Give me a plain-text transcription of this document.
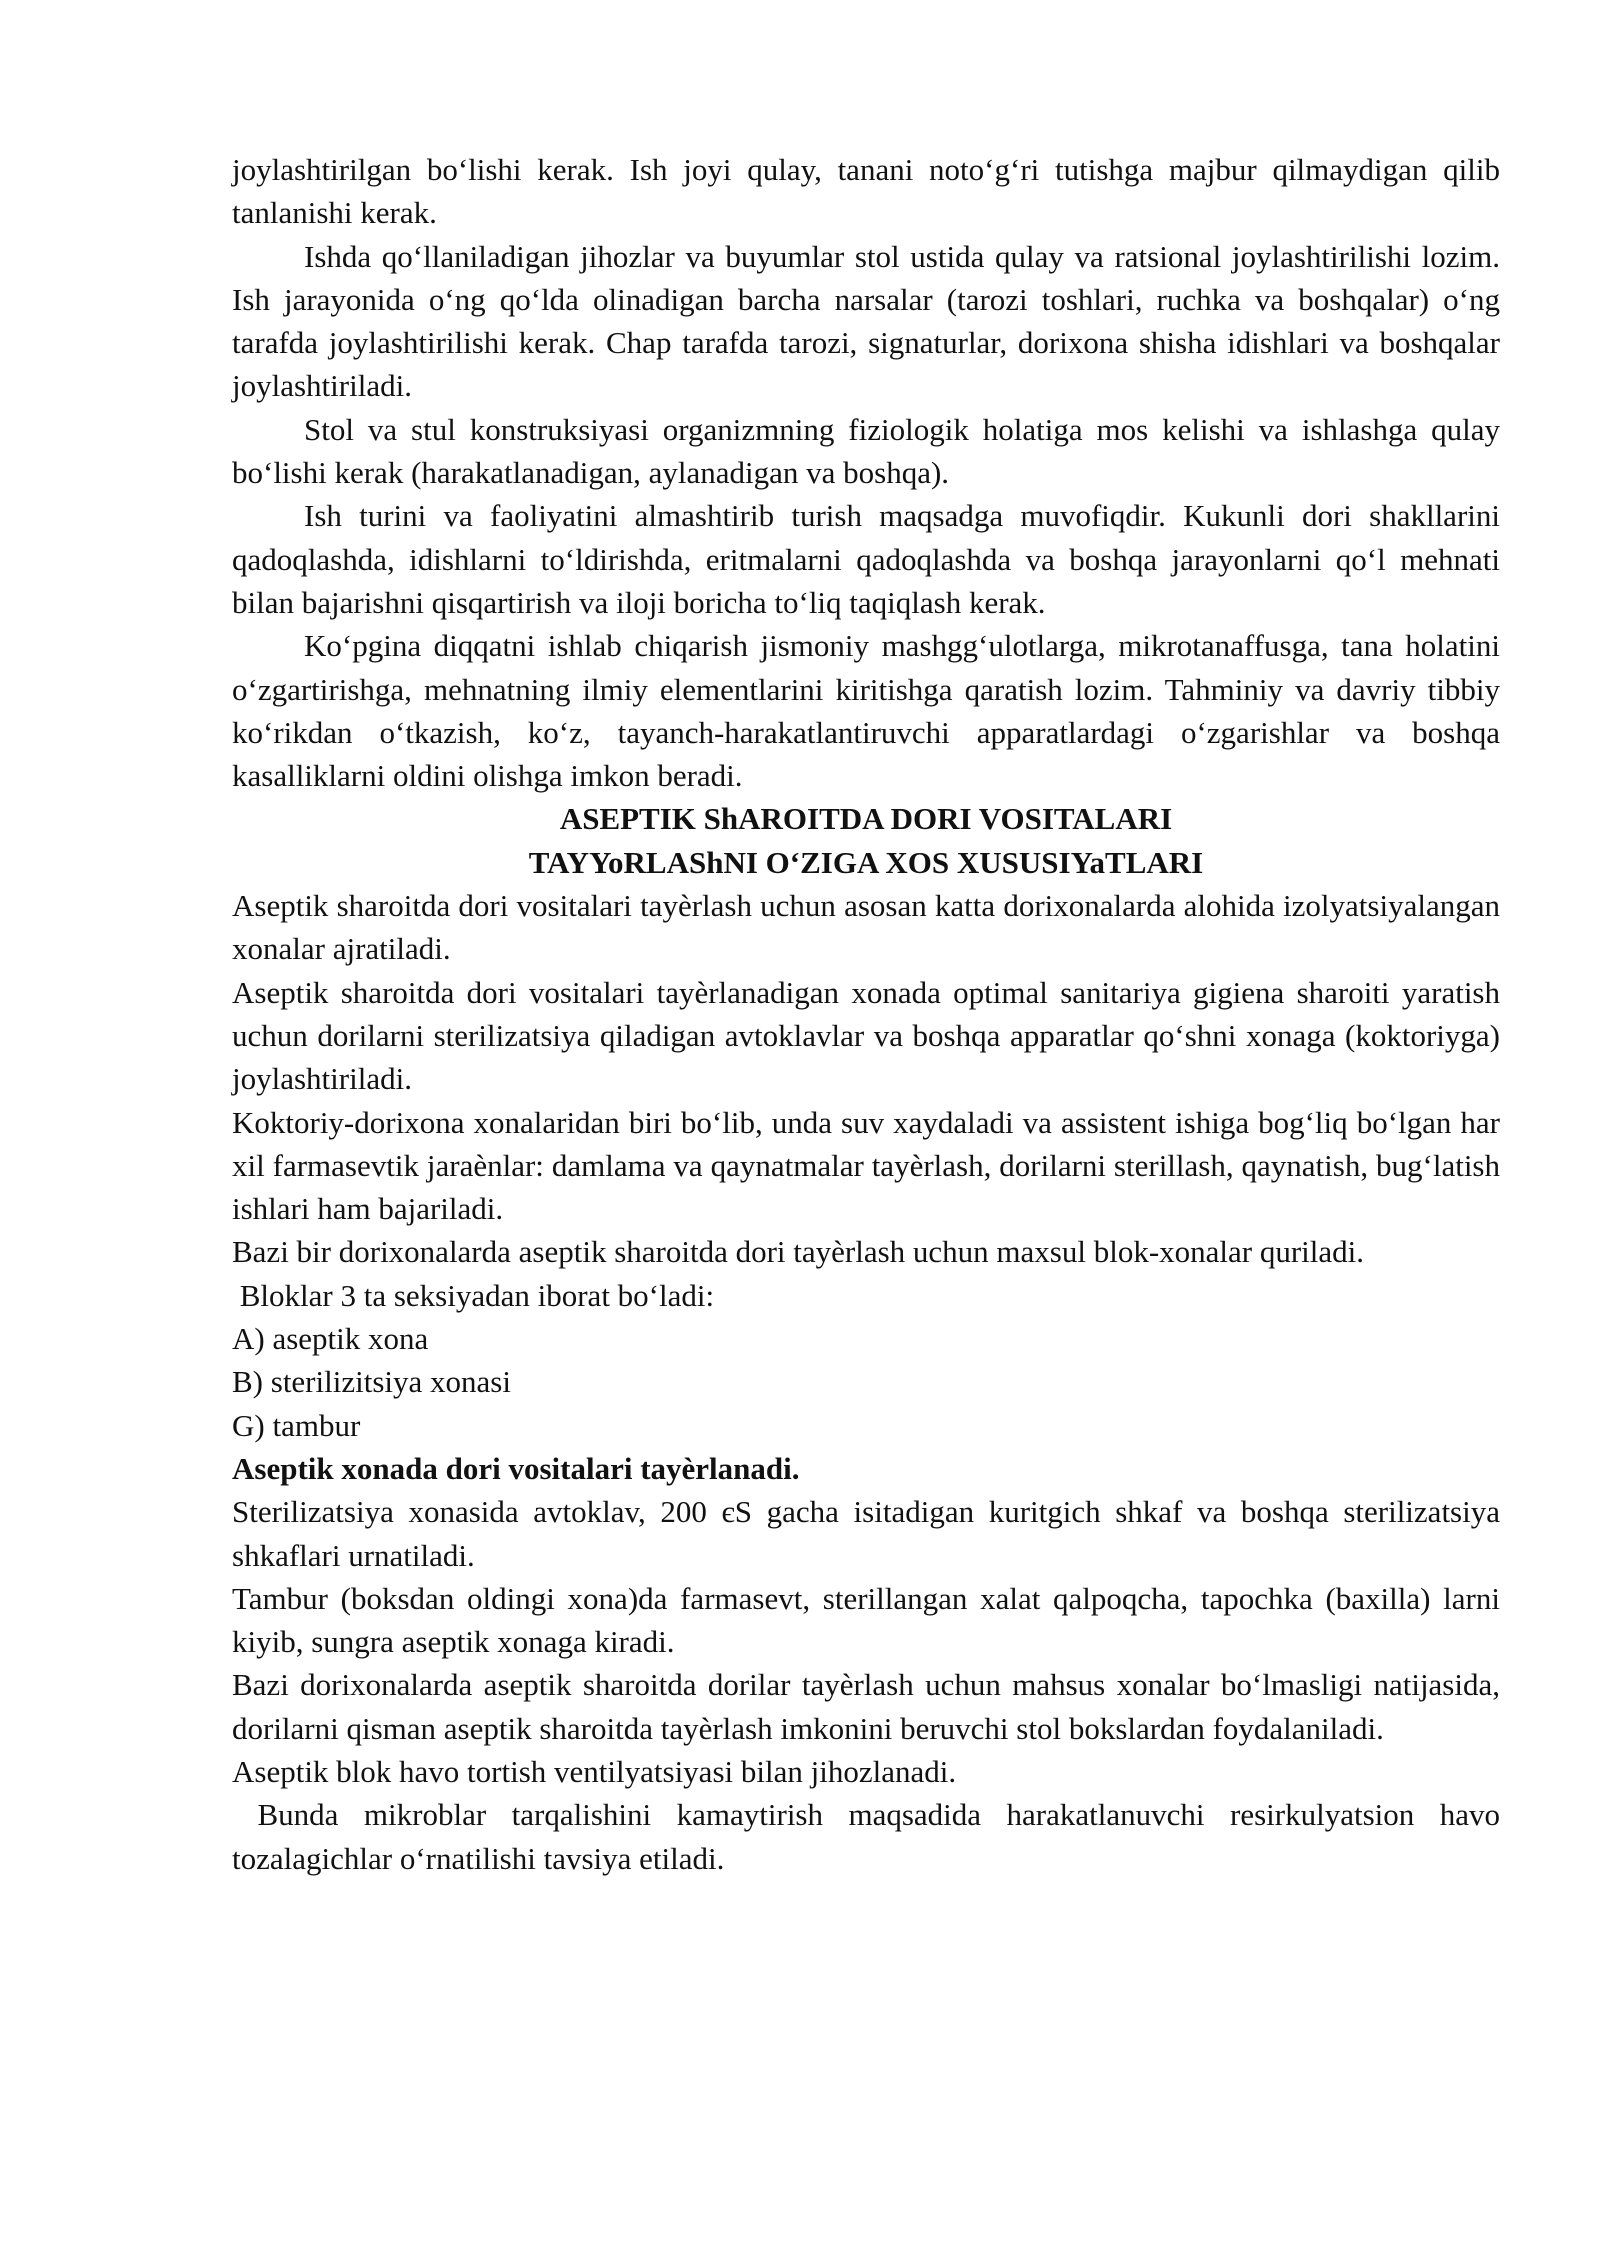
joylashtirilgan bo‘lishi kerak. Ish joyi qulay, tanani noto‘g‘ri tutishga majbur qilmaydigan qilib tanlanishi kerak.

Ishda qo‘llaniladigan jihozlar va buyumlar stol ustida qulay va ratsional joylashtirilishi lozim. Ish jarayonida o‘ng qo‘lda olinadigan barcha narsalar (tarozi toshlari, ruchka va boshqalar) o‘ng tarafda joylashtirilishi kerak. Chap tarafda tarozi, signaturlar, dorixona shisha idishlari va boshqalar joylashtiriladi.

Stol va stul konstruksiyasi organizmning fiziologik holatiga mos kelishi va ishlashga qulay bo‘lishi kerak (harakatlanadigan, aylanadigan va boshqa).

Ish turini va faoliyatini almashtirib turish maqsadga muvofiqdir. Kukunli dori shakllarini qadoqlashda, idishlarni to‘ldirishda, eritmalarni qadoqlashda va boshqa jarayonlarni qo‘l mehnati bilan bajarishni qisqartirish va iloji boricha to‘liq taqiqlash kerak.

Ko‘pgina diqqatni ishlab chiqarish jismoniy mashgg‘ulotlarga, mikrotanaffusga, tana holatini o‘zgartirishga, mehnatning ilmiy elementlarini kiritishga qaratish lozim. Tahminiy va davriy tibbiy ko‘rikdan o‘tkazish, ko‘z, tayanch-harakatlantiruvchi apparatlardagi o‘zgarishlar va boshqa kasalliklarni oldini olishga imkon beradi.

ASEPTIK ShAROITDA DORI VOSITALARI

TAYYoRLAShNI O‘ZIGA XOS XUSUSIYaTLARI

Aseptik sharoitda dori vositalari tayèrlash uchun asosan katta dorixonalarda alohida izolyatsiyalangan xonalar ajratiladi.

Aseptik sharoitda dori vositalari tayèrlanadigan xonada optimal sanitariya gigiena sharoiti yaratish uchun dorilarni sterilizatsiya qiladigan avtoklavlar va boshqa apparatlar qo‘shni xonaga (koktoriyga) joylashtiriladi.

Koktoriy-dorixona xonalaridan biri bo‘lib, unda suv xaydaladi va assistent ishiga bog‘liq bo‘lgan har xil farmasevtik jaraènlar: damlama va qaynatmalar tayèrlash, dorilarni sterillash, qaynatish, bug‘latish ishlari ham bajariladi.

Bazi bir dorixonalarda aseptik sharoitda dori tayèrlash uchun maxsul blok-xonalar quriladi.

Bloklar 3 ta seksiyadan iborat bo‘ladi:

A) aseptik xona

B) sterilizitsiya xonasi

G) tambur

Aseptik xonada dori vositalari tayèrlanadi.

Sterilizatsiya xonasida avtoklav, 200 єS gacha isitadigan kuritgich shkaf va boshqa sterilizatsiya shkaflari urnatiladi.

Tambur (boksdan oldingi xona)da farmasevt, sterillangan xalat qalpoqcha, tapochka (baxilla) larni kiyib, sungra aseptik xonaga kiradi.

Bazi dorixonalarda aseptik sharoitda dorilar tayèrlash uchun mahsus xonalar bo‘lmasligi natijasida, dorilarni qisman aseptik sharoitda tayèrlash imkonini beruvchi stol bokslardan foydalaniladi.

Aseptik blok havo tortish ventilyatsiyasi bilan jihozlanadi.

Bunda mikroblar tarqalishini kamaytirish maqsadida harakatlanuvchi resirkulyatsion havo tozalagichlar o‘rnatilishi tavsiya etiladi.
